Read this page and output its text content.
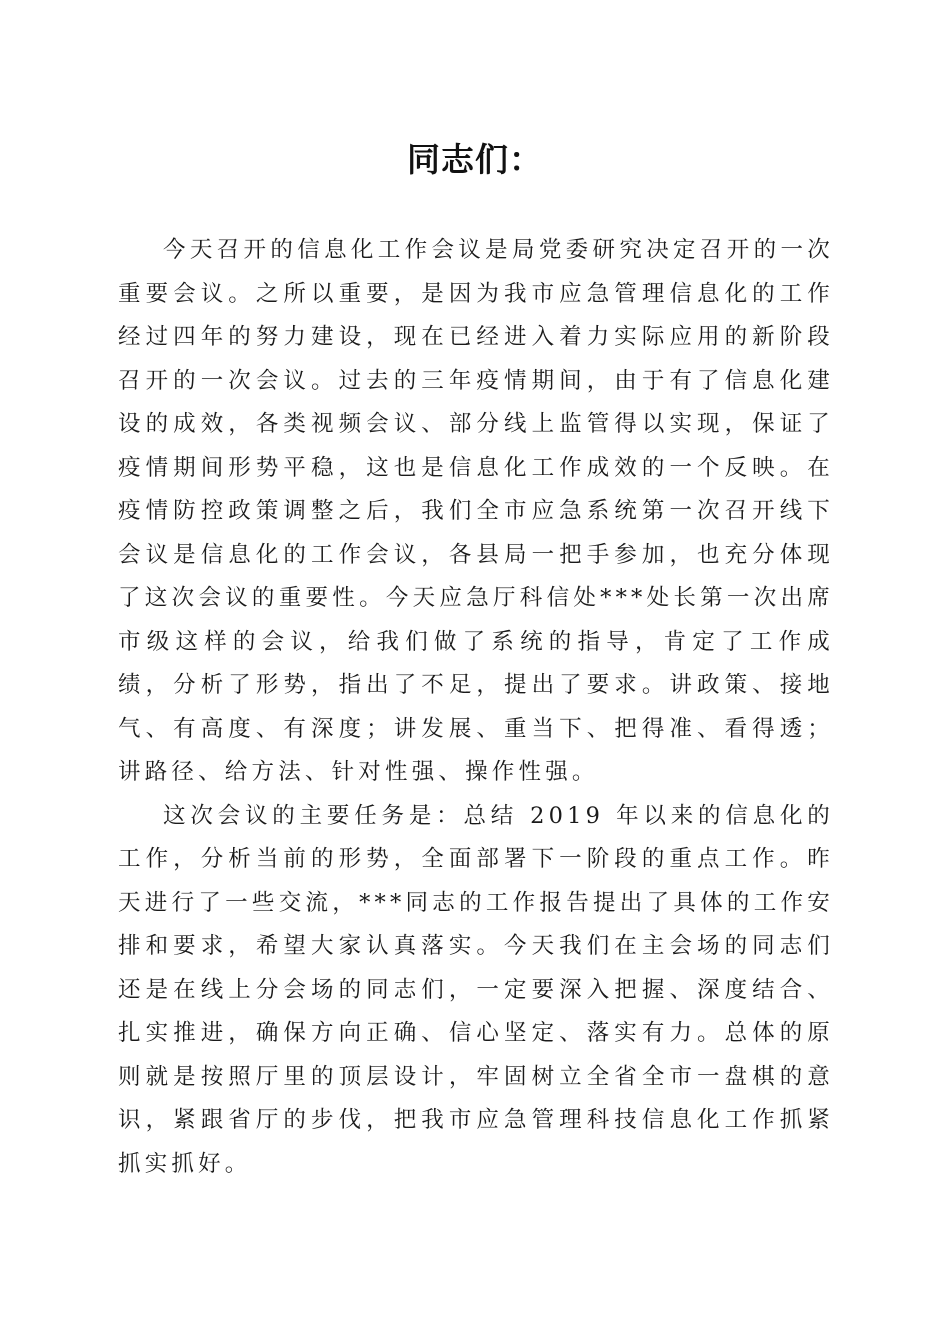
同志们：

今天召开的信息化工作会议是局党委研究决定召开的一次重要会议。之所以重要，是因为我市应急管理信息化的工作经过四年的努力建设，现在已经进入着力实际应用的新阶段召开的一次会议。过去的三年疫情期间，由于有了信息化建设的成效，各类视频会议、部分线上监管得以实现，保证了疫情期间形势平稳，这也是信息化工作成效的一个反映。在疫情防控政策调整之后，我们全市应急系统第一次召开线下会议是信息化的工作会议，各县局一把手参加，也充分体现了这次会议的重要性。今天应急厅科信处***处长第一次出席市级这样的会议，给我们做了系统的指导，肯定了工作成绩，分析了形势，指出了不足，提出了要求。讲政策、接地气、有高度、有深度；讲发展、重当下、把得准、看得透；讲路径、给方法、针对性强、操作性强。

这次会议的主要任务是：总结 2019 年以来的信息化的工作，分析当前的形势，全面部署下一阶段的重点工作。昨天进行了一些交流，***同志的工作报告提出了具体的工作安排和要求，希望大家认真落实。今天我们在主会场的同志们还是在线上分会场的同志们，一定要深入把握、深度结合、扎实推进，确保方向正确、信心坚定、落实有力。总体的原则就是按照厅里的顶层设计，牢固树立全省全市一盘棋的意识，紧跟省厅的步伐，把我市应急管理科技信息化工作抓紧抓实抓好。
